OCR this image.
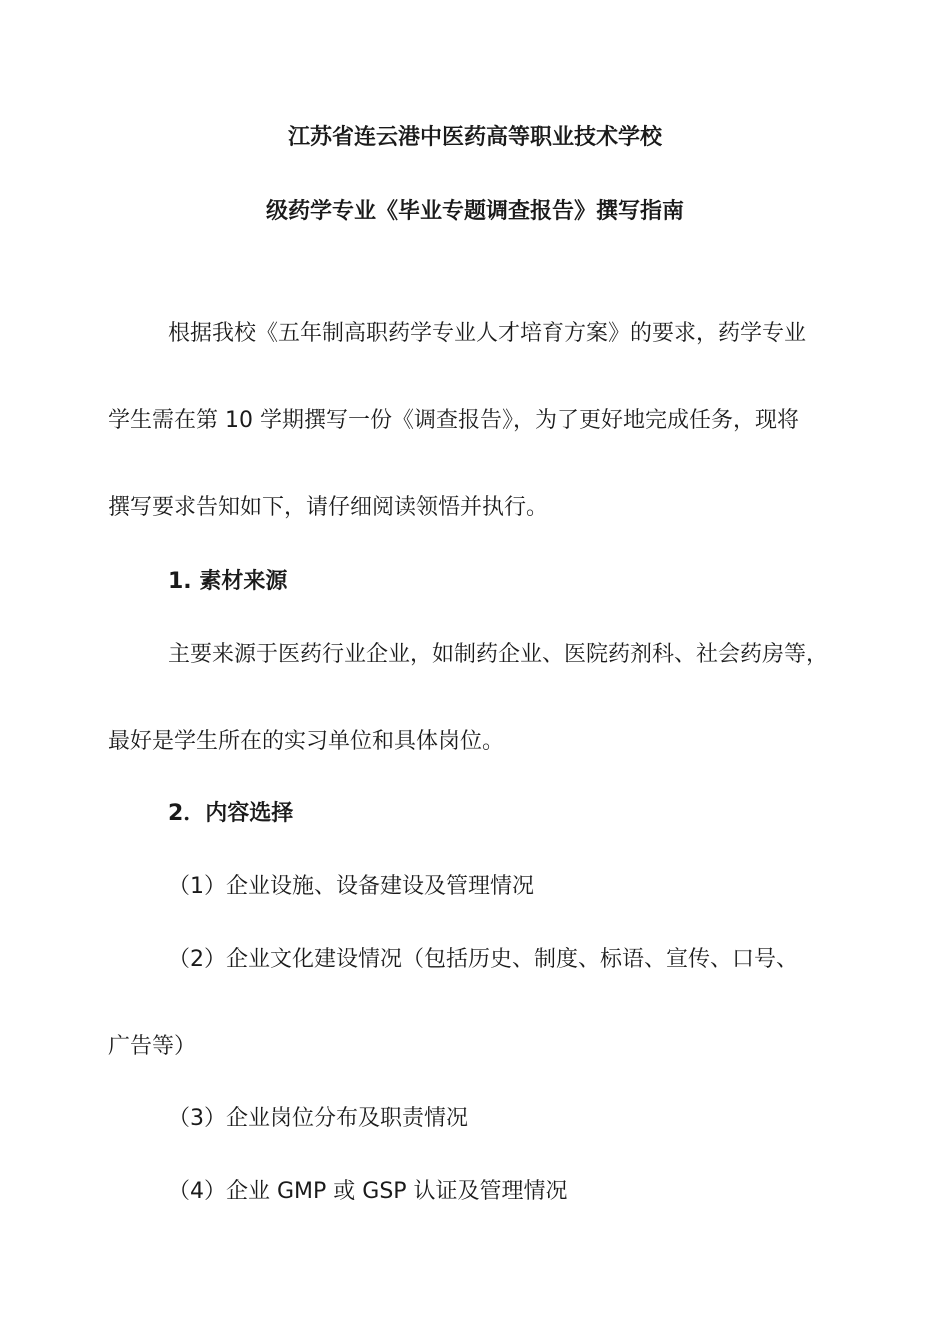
江苏省连云港中医药高等职业技术学校
级药学专业《毕业专题调查报告》撰写指南

根据我校《五年制高职药学专业人才培育方案》的要求，药学专业

学生需在第 10 学期撰写一份《调查报告》，为了更好地完成任务，现将

撰写要求告知如下，请仔细阅读领悟并执行。

1. 素材来源

主要来源于医药行业企业，如制药企业、医院药剂科、社会药房等，

最好是学生所在的实习单位和具体岗位。

2．内容选择

（1）企业设施、设备建设及管理情况

（2）企业文化建设情况（包括历史、制度、标语、宣传、口号、

广告等）

（3）企业岗位分布及职责情况

（4）企业 GMP 或 GSP 认证及管理情况
